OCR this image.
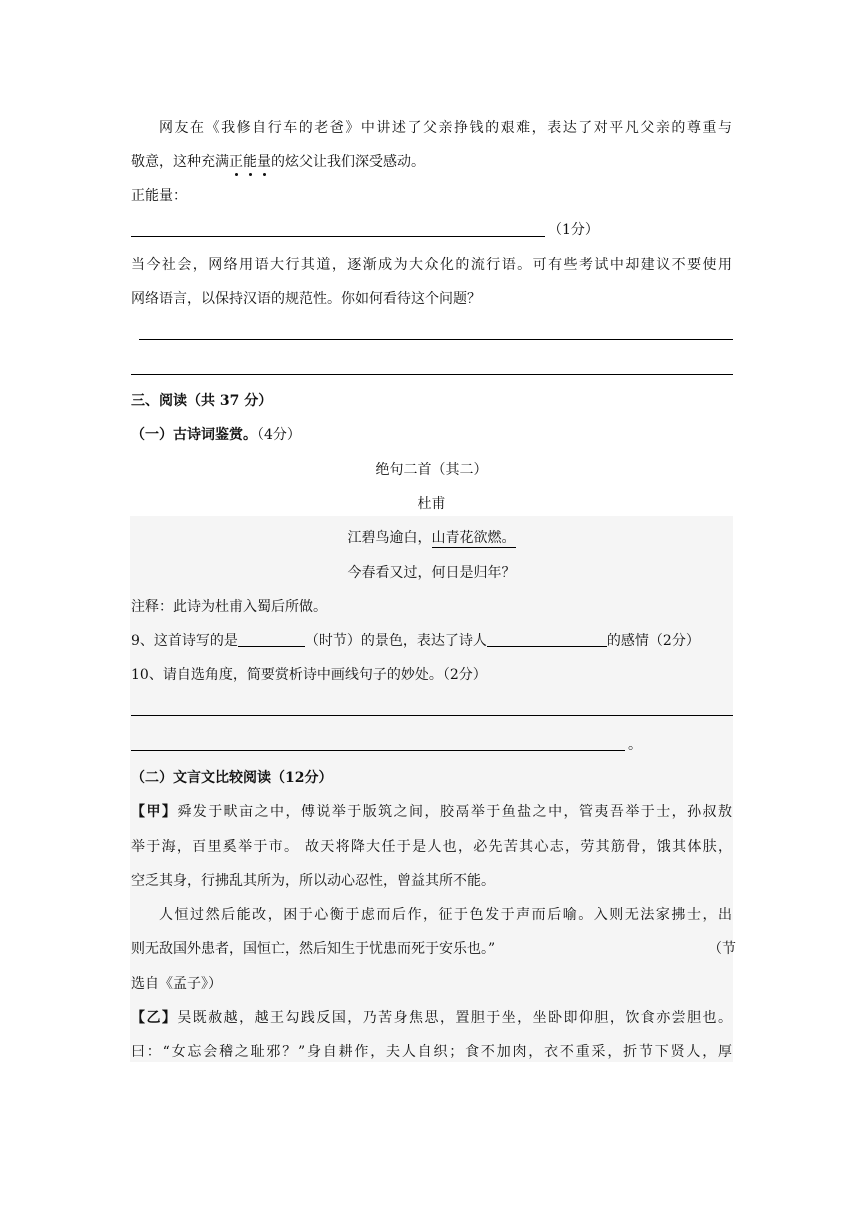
网友在《我修自行车的老爸》中讲述了父亲挣钱的艰难，表达了对平凡父亲的尊重与
敬意，这种充满正
能
量
的炫父让我们深受感动。
正能量：
（1分）
当今社会，网络用语大行其道，逐渐成为大众化的流行语。可有些考试中却建议不要使用
网络语言，以保持汉语的规范性。你如何看待这个问题？
三、阅读（共 37 分）
（一）古诗词鉴赏。（4分）
绝句二首（其二）
杜甫
江碧鸟逾白，山青花欲燃。
今春看又过，何日是归年？
注释：此诗为杜甫入蜀后所做。
9、这首诗写的是	（时节）的景色，表达了诗人	的感情（2分）
10、请自选角度，简要赏析诗中画线句子的妙处。（2分）
。
（二）文言文比较阅读（12分）
【甲】舜发于畎亩之中，傅说举于版筑之间，胶鬲举于鱼盐之中，管夷吾举于士，孙叔敖
举于海，百里奚举于市。 故天将降大任于是人也，必先苦其心志，劳其筋骨，饿其体肤，
空乏其身，行拂乱其所为，所以动心忍性，曾益其所不能。
人恒过然后能改，困于心衡于虑而后作，征于色发于声而后喻。入则无法家拂士，出
则无敌国外患者，国恒亡，然后知生于忧患而死于安乐也。”	（节
选自《孟子》）
【乙】吴既赦越，越王勾践反国，乃苦身焦思，置胆于坐，坐卧即仰胆，饮食亦尝胆也。
曰：“女忘会稽之耻邪？”身自耕作，夫人自织；食不加肉，衣不重采，折节下贤人，厚
